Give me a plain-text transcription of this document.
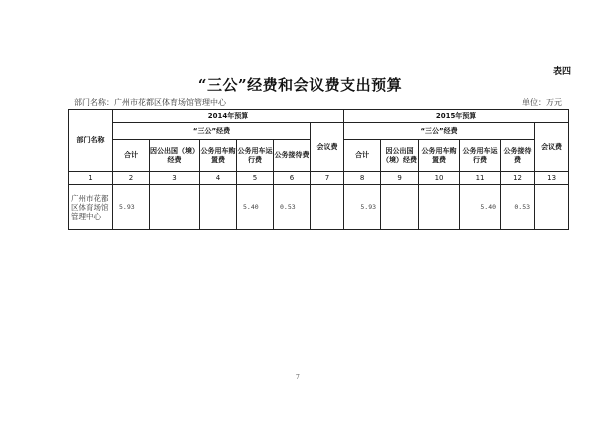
表四
“三公”经费和会议费支出预算
部门名称：广州市花都区体育场馆管理中心	单位：万元
部门名称	2014年预算						2015年预算					
	“三公”经费					会议费	“三公”经费					会议费
	合计	因公出国（境）经费	公务用车购置费	公务用车运行费	公务接待费		合计	因公出国（境）经费	公务用车购置费	公务用车运行费	公务接待费	
1	2	3	4	5	6	7	8	9	10	11	12	13
广州市花都区体育场馆管理中心	5.93			5.40	0.53		5.93			5.40	0.53	
7
